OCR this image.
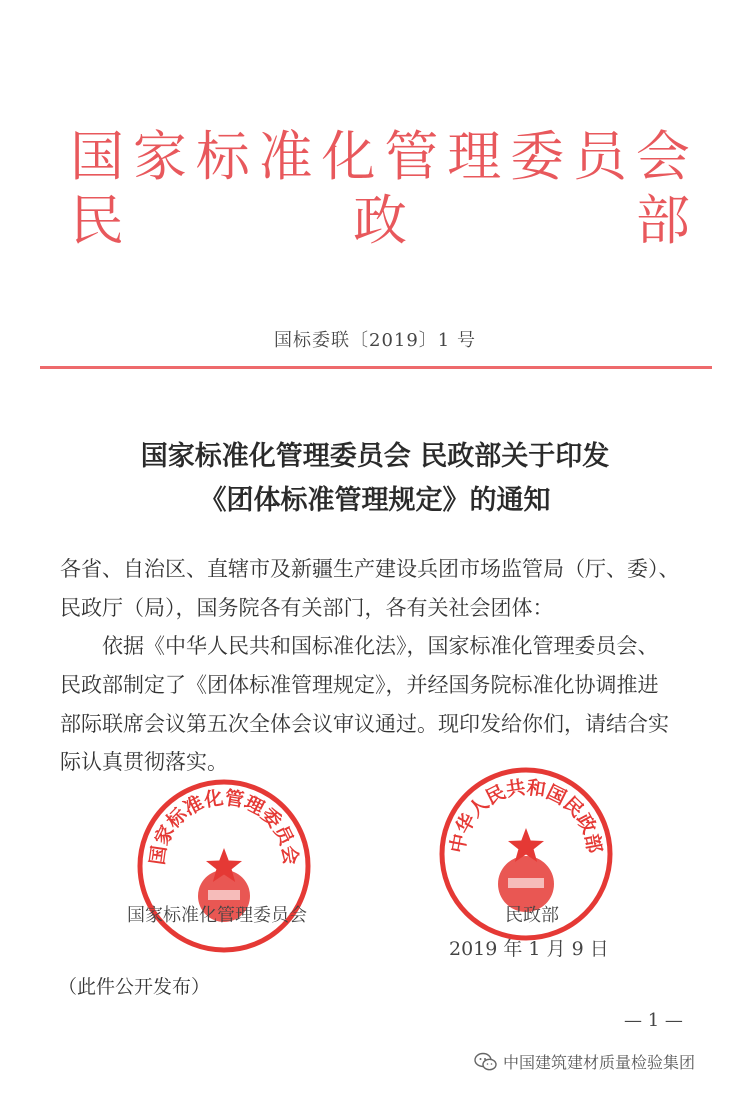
国 家 标 准 化 管 理 委 员 会
民	政	部
国标委联〔2019〕1 号
国家标准化管理委员会 民政部关于印发
《团体标准管理规定》的通知
各省、自治区、直辖市及新疆生产建设兵团市场监管局（厅、委）、
民政厅（局），国务院各有关部门，各有关社会团体：
依据《中华人民共和国标准化法》，国家标准化管理委员会、
民政部制定了《团体标准管理规定》，并经国务院标准化协调推进
部际联席会议第五次全体会议审议通过。现印发给你们，请结合实
际认真贯彻落实。
国家标准化管理委员会
中华人民共和国民政部
国家标准化管理委员会	民政部
2019 年 1 月 9 日
（此件公开发布）
— 1 —
中国建筑建材质量检验集团
